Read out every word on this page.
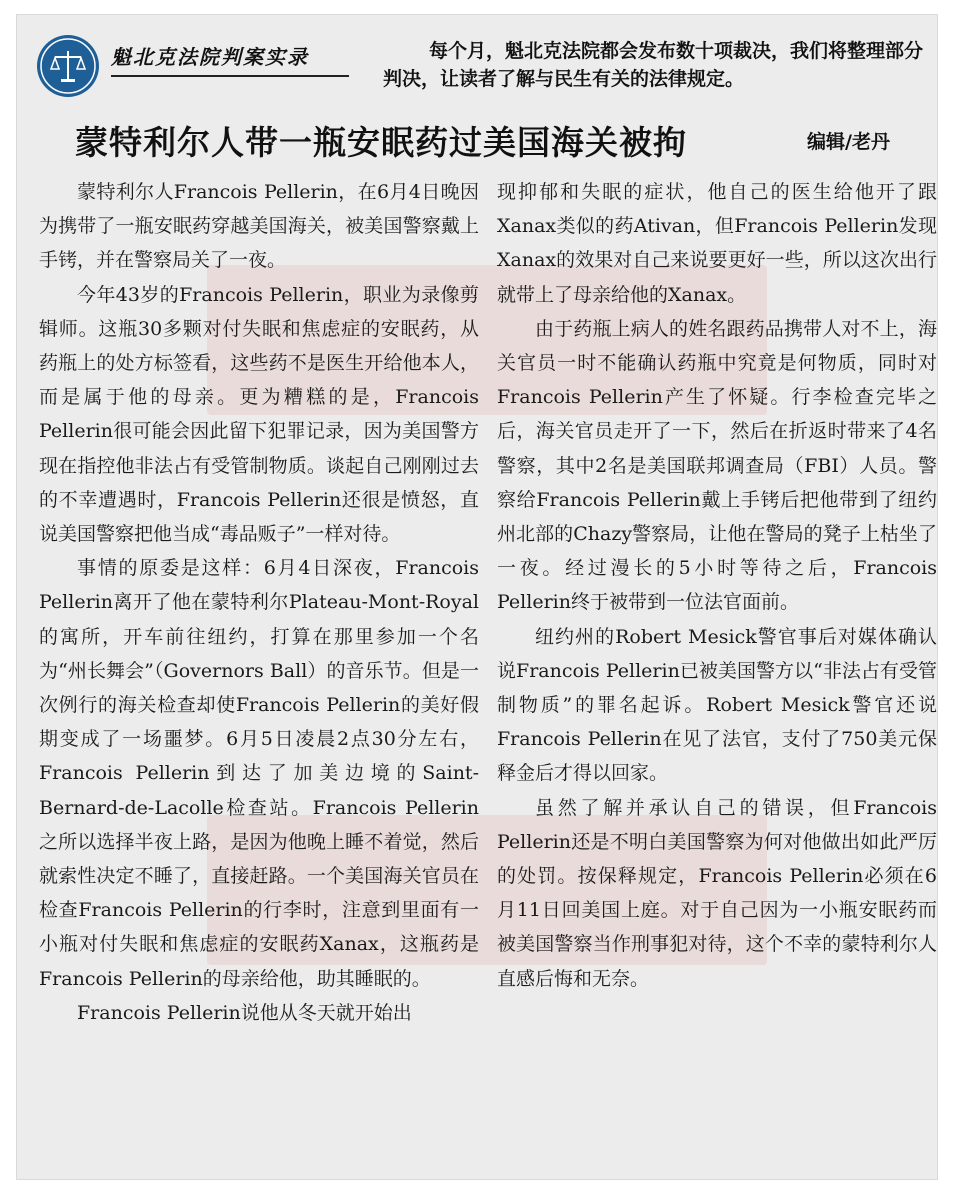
魁北克法院判案实录	每个月，魁北克法院都会发布数十项裁决，我们将整理部分判决，让读者了解与民生有关的法律规定。
蒙特利尔人带一瓶安眠药过美国海关被拘	编辑/老丹

蒙特利尔人Francois Pellerin，在6月4日晚因为携带了一瓶安眠药穿越美国海关，被美国警察戴上手铐，并在警察局关了一夜。

今年43岁的Francois Pellerin，职业为录像剪辑师。这瓶30多颗对付失眠和焦虑症的安眠药，从药瓶上的处方标签看，这些药不是医生开给他本人，而是属于他的母亲。更为糟糕的是，Francois Pellerin很可能会因此留下犯罪记录，因为美国警方现在指控他非法占有受管制物质。谈起自己刚刚过去的不幸遭遇时，Francois Pellerin还很是愤怒，直说美国警察把他当成“毒品贩子”一样对待。

事情的原委是这样：6月4日深夜，Francois Pellerin离开了他在蒙特利尔Plateau-Mont-Royal的寓所，开车前往纽约，打算在那里参加一个名为“州长舞会”（Governors Ball）的音乐节。但是一次例行的海关检查却使Francois Pellerin的美好假期变成了一场噩梦。6月5日凌晨2点30分左右，Francois Pellerin到达了加美边境的Saint-Bernard-de-Lacolle检查站。Francois Pellerin之所以选择半夜上路，是因为他晚上睡不着觉，然后就索性决定不睡了，直接赶路。一个美国海关官员在检查Francois Pellerin的行李时，注意到里面有一小瓶对付失眠和焦虑症的安眠药Xanax，这瓶药是Francois Pellerin的母亲给他，助其睡眠的。

Francois Pellerin说他从冬天就开始出

现抑郁和失眠的症状，他自己的医生给他开了跟Xanax类似的药Ativan，但Francois Pellerin发现Xanax的效果对自己来说要更好一些，所以这次出行就带上了母亲给他的Xanax。

由于药瓶上病人的姓名跟药品携带人对不上，海关官员一时不能确认药瓶中究竟是何物质，同时对Francois Pellerin产生了怀疑。行李检查完毕之后，海关官员走开了一下，然后在折返时带来了4名警察，其中2名是美国联邦调查局（FBI）人员。警察给Francois Pellerin戴上手铐后把他带到了纽约州北部的Chazy警察局，让他在警局的凳子上枯坐了一夜。经过漫长的5小时等待之后，Francois Pellerin终于被带到一位法官面前。

纽约州的Robert Mesick警官事后对媒体确认说Francois Pellerin已被美国警方以“非法占有受管制物质”的罪名起诉。Robert Mesick警官还说Francois Pellerin在见了法官，支付了750美元保释金后才得以回家。

虽然了解并承认自己的错误，但Francois Pellerin还是不明白美国警察为何对他做出如此严厉的处罚。按保释规定，Francois Pellerin必须在6月11日回美国上庭。对于自己因为一小瓶安眠药而被美国警察当作刑事犯对待，这个不幸的蒙特利尔人直感后悔和无奈。
